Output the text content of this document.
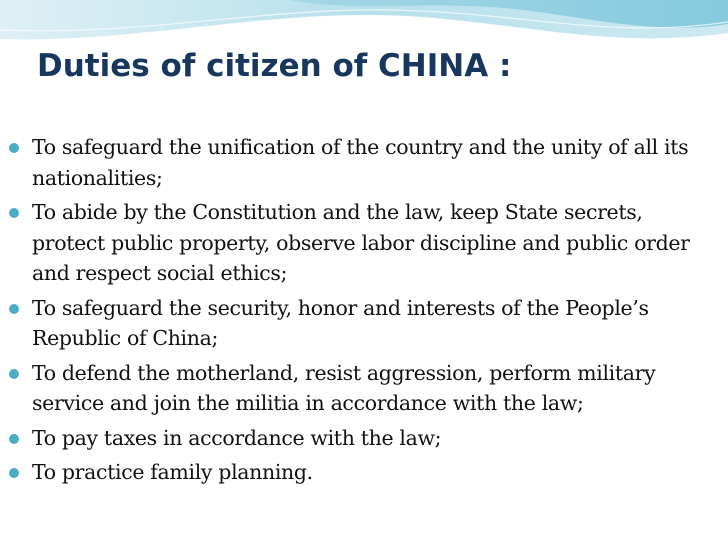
Duties of citizen of CHINA :
To safeguard the unification of the country and the unity of all its nationalities;
To abide by the Constitution and the law, keep State secrets, protect public property, observe labor discipline and public order and respect social ethics;
To safeguard the security, honor and interests of the People’s Republic of China;
To defend the motherland, resist aggression, perform military service and join the militia in accordance with the law;
To pay taxes in accordance with the law;
To practice family planning.
